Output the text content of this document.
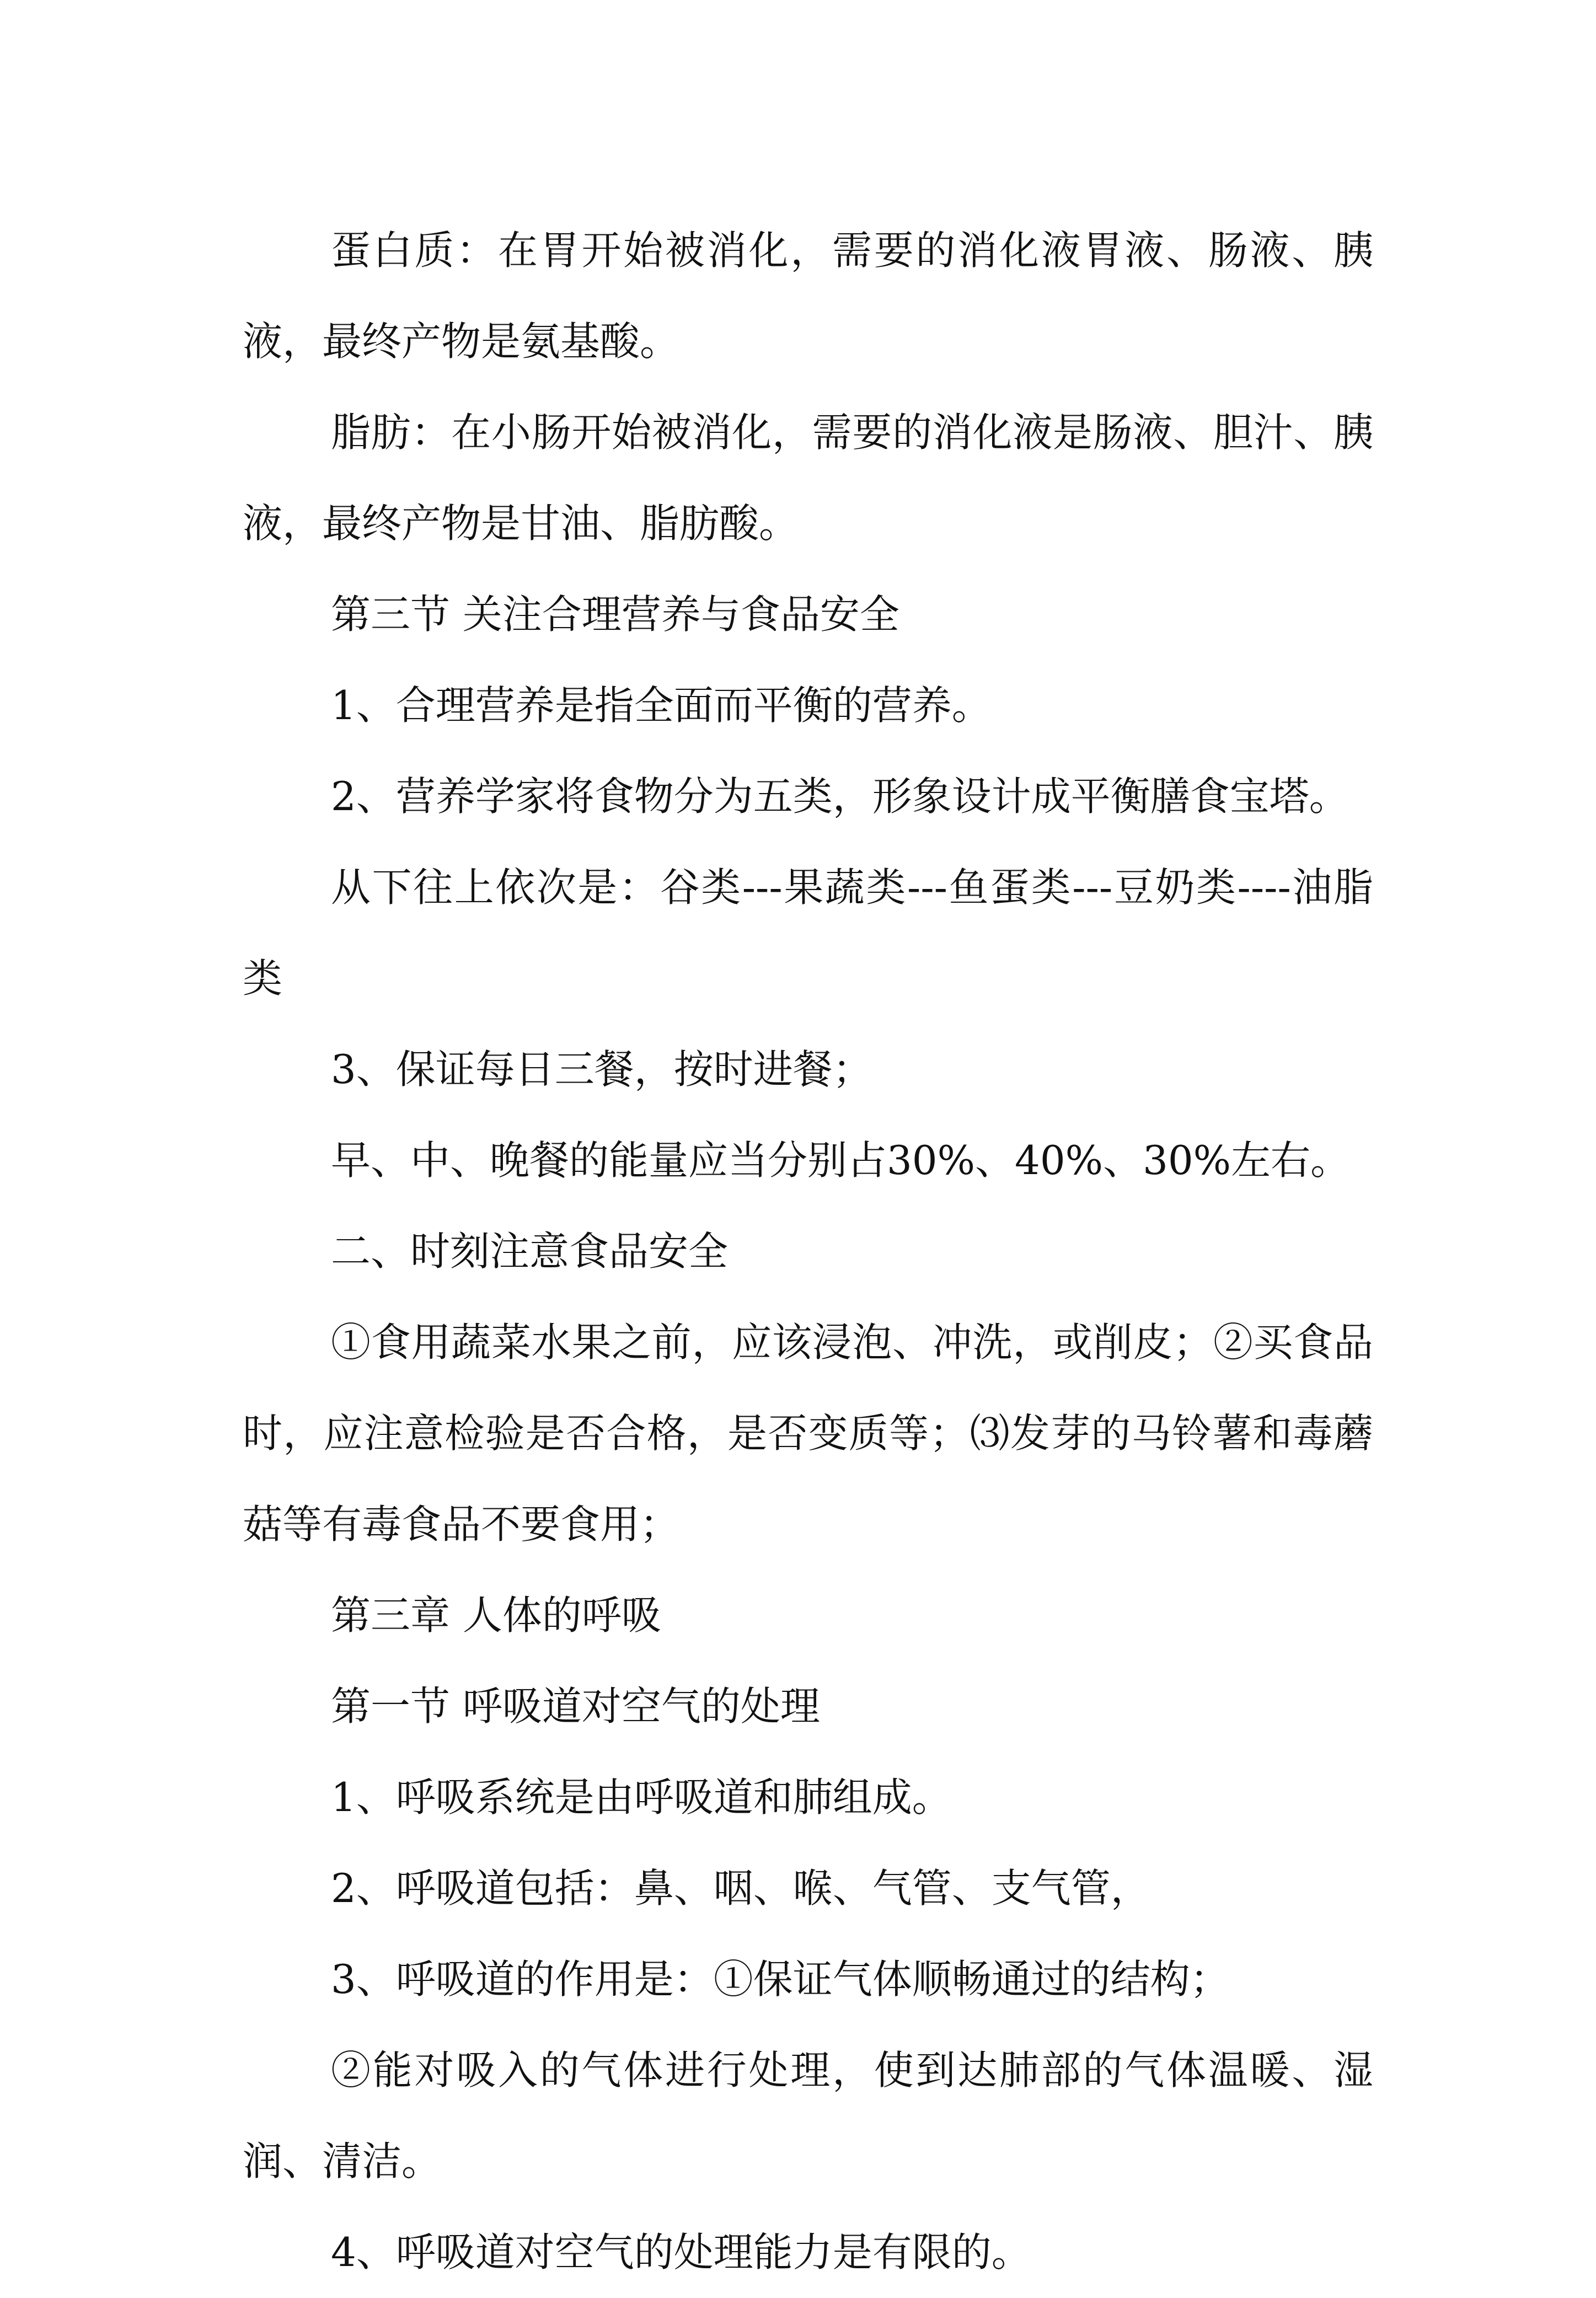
蛋白质：在胃开始被消化，需要的消化液胃液、肠液、胰液，最终产物是氨基酸。

脂肪：在小肠开始被消化，需要的消化液是肠液、胆汁、胰液，最终产物是甘油、脂肪酸。

第三节 关注合理营养与食品安全

1、合理营养是指全面而平衡的营养。

2、营养学家将食物分为五类，形象设计成平衡膳食宝塔。

从下往上依次是：谷类---果蔬类---鱼蛋类---豆奶类----油脂类

3、保证每日三餐，按时进餐；

早、中、晚餐的能量应当分别占30%、40%、30%左右。

二、时刻注意食品安全

①食用蔬菜水果之前，应该浸泡、冲洗，或削皮；②买食品时，应注意检验是否合格，是否变质等；⑶发芽的马铃薯和毒蘑菇等有毒食品不要食用；

第三章 人体的呼吸

第一节 呼吸道对空气的处理

1、呼吸系统是由呼吸道和肺组成。

2、呼吸道包括：鼻、咽、喉、气管、支气管，

3、呼吸道的作用是：①保证气体顺畅通过的结构；

②能对吸入的气体进行处理，使到达肺部的气体温暖、湿润、清洁。

4、呼吸道对空气的处理能力是有限的。
